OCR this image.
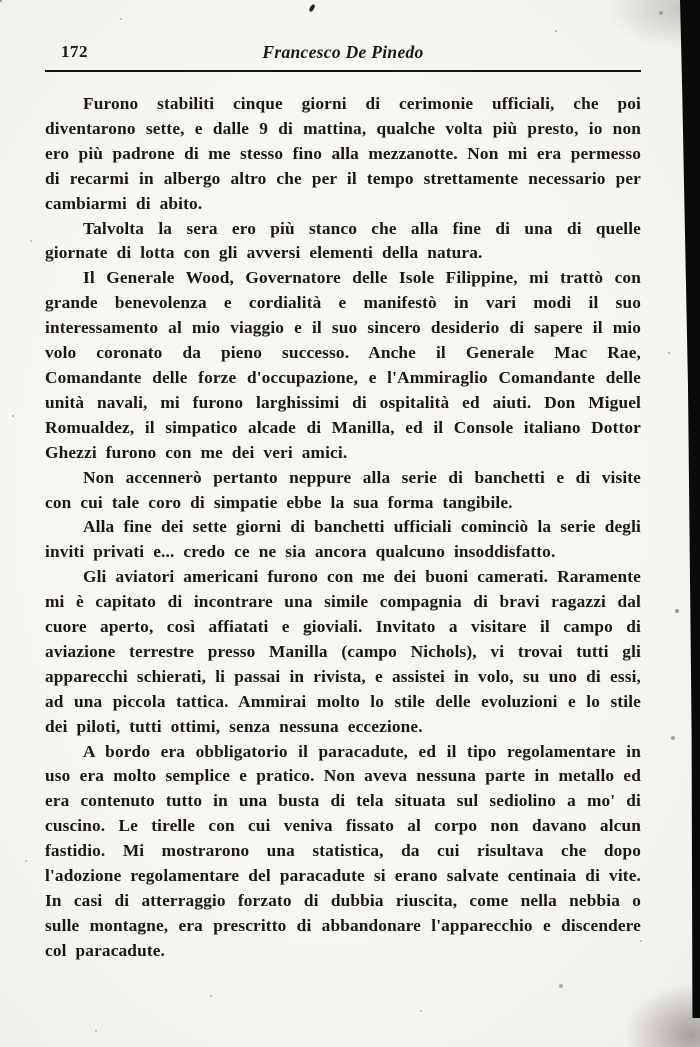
172	Francesco De Pinedo

Furono stabiliti cinque giorni di cerimonie ufficiali, che poi diventarono sette, e dalle 9 di mattina, qualche volta più presto, io non ero più padrone di me stesso fino alla mezzanotte. Non mi era permesso di recarmi in albergo altro che per il tempo strettamente necessario per cambiarmi di abito.

Talvolta la sera ero più stanco che alla fine di una di quelle giornate di lotta con gli avversi elementi della natura.

Il Generale Wood, Governatore delle Isole Filippine, mi trattò con grande benevolenza e cordialità e manifestò in vari modi il suo interessamento al mio viaggio e il suo sincero desiderio di sapere il mio volo coronato da pieno successo. Anche il Generale Mac Rae, Comandante delle forze d'occupazione, e l'Ammiraglio Comandante delle unità navali, mi furono larghissimi di ospitalità ed aiuti. Don Miguel Romualdez, il simpatico alcade di Manilla, ed il Console italiano Dottor Ghezzi furono con me dei veri amici.

Non accennerò pertanto neppure alla serie di banchetti e di visite con cui tale coro di simpatie ebbe la sua forma tangibile.

Alla fine dei sette giorni di banchetti ufficiali cominciò la serie degli inviti privati e... credo ce ne sia ancora qualcuno insoddisfatto.

Gli aviatori americani furono con me dei buoni camerati. Raramente mi è capitato di incontrare una simile compagnia di bravi ragazzi dal cuore aperto, così affiatati e gioviali. Invitato a visitare il campo di aviazione terrestre presso Manilla (campo Nichols), vi trovai tutti gli apparecchi schierati, li passai in rivista, e assistei in volo, su uno di essi, ad una piccola tattica. Ammirai molto lo stile delle evoluzioni e lo stile dei piloti, tutti ottimi, senza nessuna eccezione.

A bordo era obbligatorio il paracadute, ed il tipo regolamentare in uso era molto semplice e pratico. Non aveva nessuna parte in metallo ed era contenuto tutto in una busta di tela situata sul sediolino a mo' di cuscino. Le tirelle con cui veniva fissato al corpo non davano alcun fastidio. Mi mostrarono una statistica, da cui risultava che dopo l'adozione regolamentare del paracadute si erano salvate centinaia di vite. In casi di atterraggio forzato di dubbia riuscita, come nella nebbia o sulle montagne, era prescritto di abbandonare l'apparecchio e discendere col paracadute.
